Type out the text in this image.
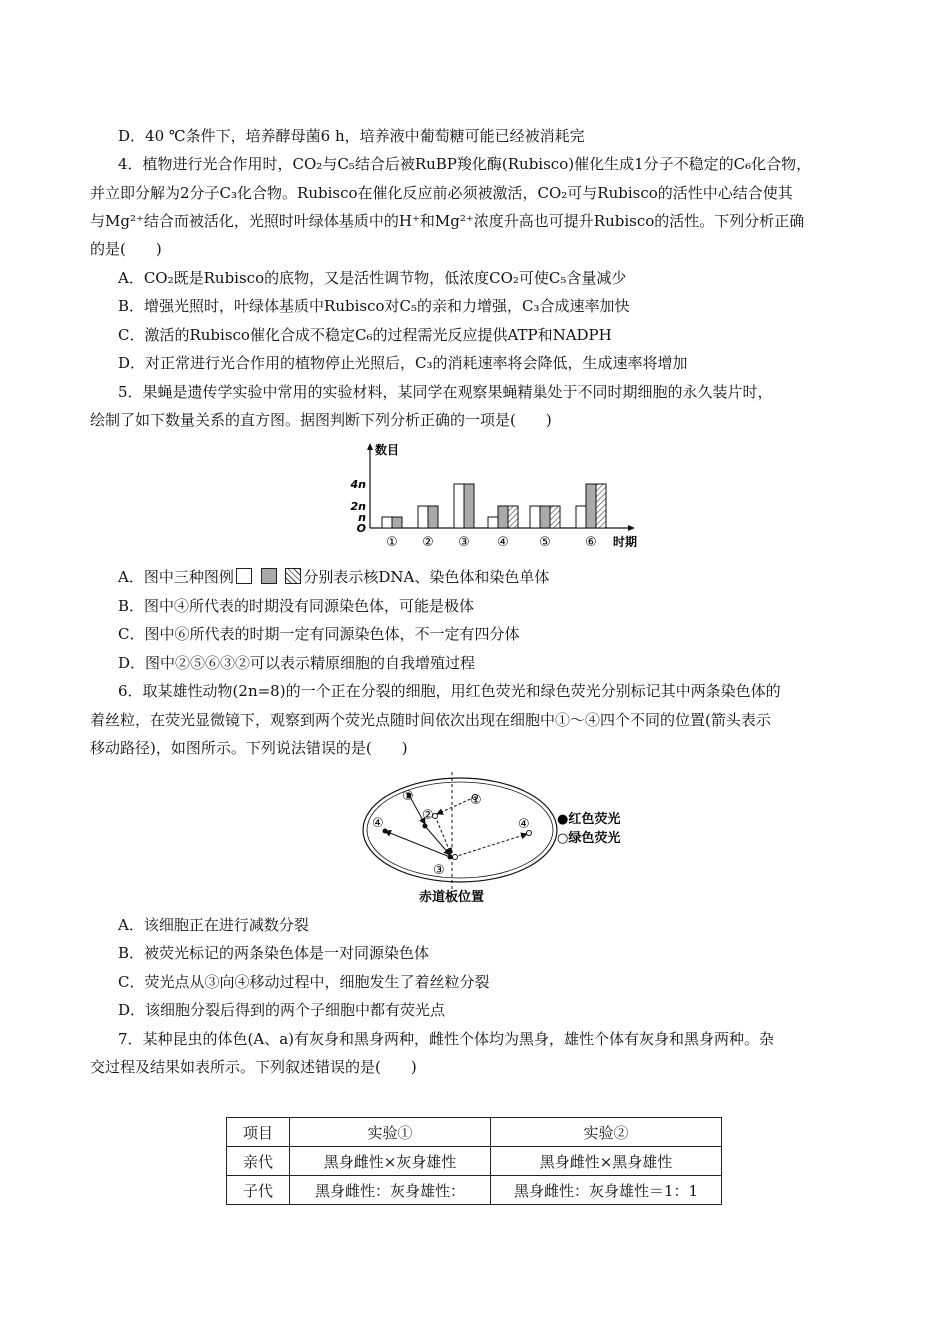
D．40 ℃条件下，培养酵母菌6 h，培养液中葡萄糖可能已经被消耗完
4．植物进行光合作用时，CO₂与C₅结合后被RuBP羧化酶(Rubisco)催化生成1分子不稳定的C₆化合物，
并立即分解为2分子C₃化合物。Rubisco在催化反应前必须被激活，CO₂可与Rubisco的活性中心结合使其
与Mg²⁺结合而被活化，光照时叶绿体基质中的H⁺和Mg²⁺浓度升高也可提升Rubisco的活性。下列分析正确
的是(　　)
A．CO₂既是Rubisco的底物，又是活性调节物，低浓度CO₂可使C₅含量减少
B．增强光照时，叶绿体基质中Rubisco对C₅的亲和力增强，C₃合成速率加快
C．激活的Rubisco催化合成不稳定C₆的过程需光反应提供ATP和NADPH
D．对正常进行光合作用的植物停止光照后，C₃的消耗速率将会降低，生成速率将增加
5．果蝇是遗传学实验中常用的实验材料，某同学在观察果蝇精巢处于不同时期细胞的永久装片时，
绘制了如下数量关系的直方图。据图判断下列分析正确的一项是(　　)
数目
时期
4n
2n
n
O
① ② ③ ④ ⑤	⑥
A．图中三种图例	分别表示核DNA、染色体和染色单体
B．图中④所代表的时期没有同源染色体，可能是极体
C．图中⑥所代表的时期一定有同源染色体，不一定有四分体
D．图中②⑤⑥③②可以表示精原细胞的自我增殖过程
6．取某雄性动物(2n=8)的一个正在分裂的细胞，用红色荧光和绿色荧光分别标记其中两条染色体的
着丝粒，在荧光显微镜下，观察到两个荧光点随时间依次出现在细胞中①～④四个不同的位置(箭头表示
移动路径)，如图所示。下列说法错误的是(　　)
①
②
③
④	④
①
●红色荧光
○绿色荧光
赤道板位置
A．该细胞正在进行减数分裂
B．被荧光标记的两条染色体是一对同源染色体
C．荧光点从③向④移动过程中，细胞发生了着丝粒分裂
D．该细胞分裂后得到的两个子细胞中都有荧光点
7．某种昆虫的体色(A、a)有灰身和黑身两种，雌性个体均为黑身，雄性个体有灰身和黑身两种。杂
交过程及结果如表所示。下列叙述错误的是(　　)
项目	实验①	实验②
亲代	黑身雌性×灰身雄性	黑身雌性×黑身雄性
子代	黑身雌性：灰身雄性：	黑身雌性：灰身雄性＝1：1
